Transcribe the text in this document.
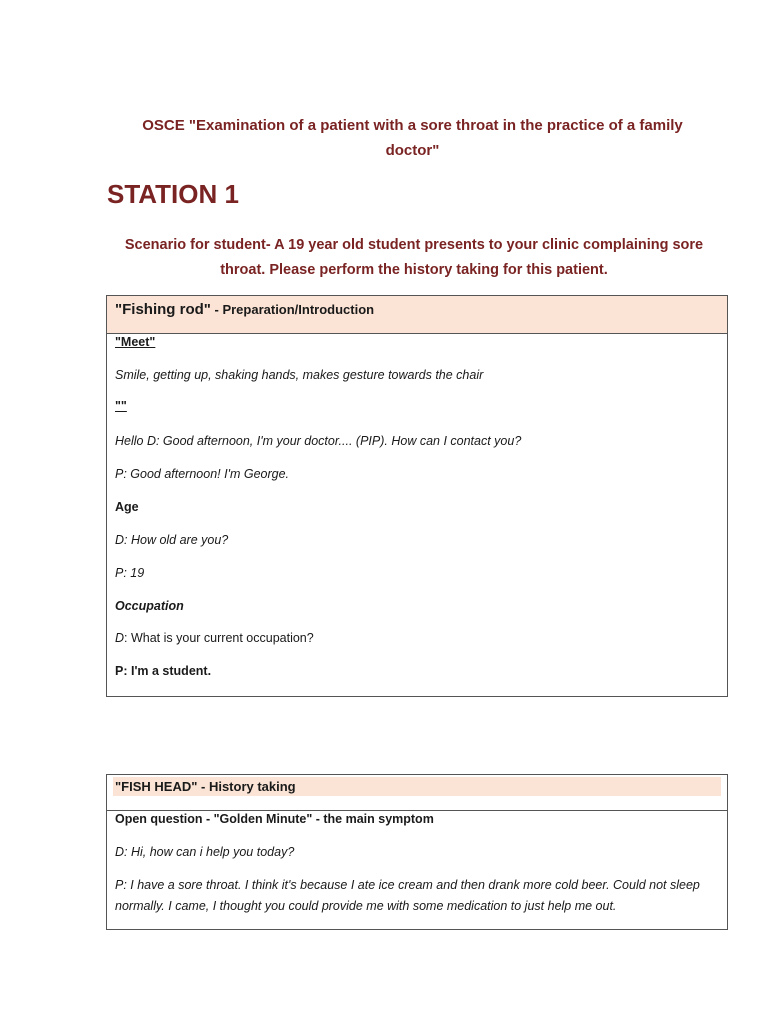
OSCE "Examination of a patient with a sore throat in the practice of a family doctor"
STATION 1
Scenario for student- A 19 year old student presents to your clinic complaining sore throat. Please perform the history taking for this patient.
"Fishing rod" - Preparation/Introduction
"Meet"
Smile, getting up, shaking hands, makes gesture towards the chair
""
Hello D: Good afternoon, I'm your doctor.... (PIP). How can I contact you?
P: Good afternoon! I'm George.
Age
D: How old are you?
P: 19
Occupation
D: What is your current occupation?
P: I'm a student.
"FISH HEAD" - History taking
Open question - "Golden Minute" - the main symptom
D: Hi, how can i help you today?
P: I have a sore throat. I think it's because I ate ice cream and then drank more cold beer. Could not sleep normally. I came, I thought you could provide me with some medication to just help me out.
